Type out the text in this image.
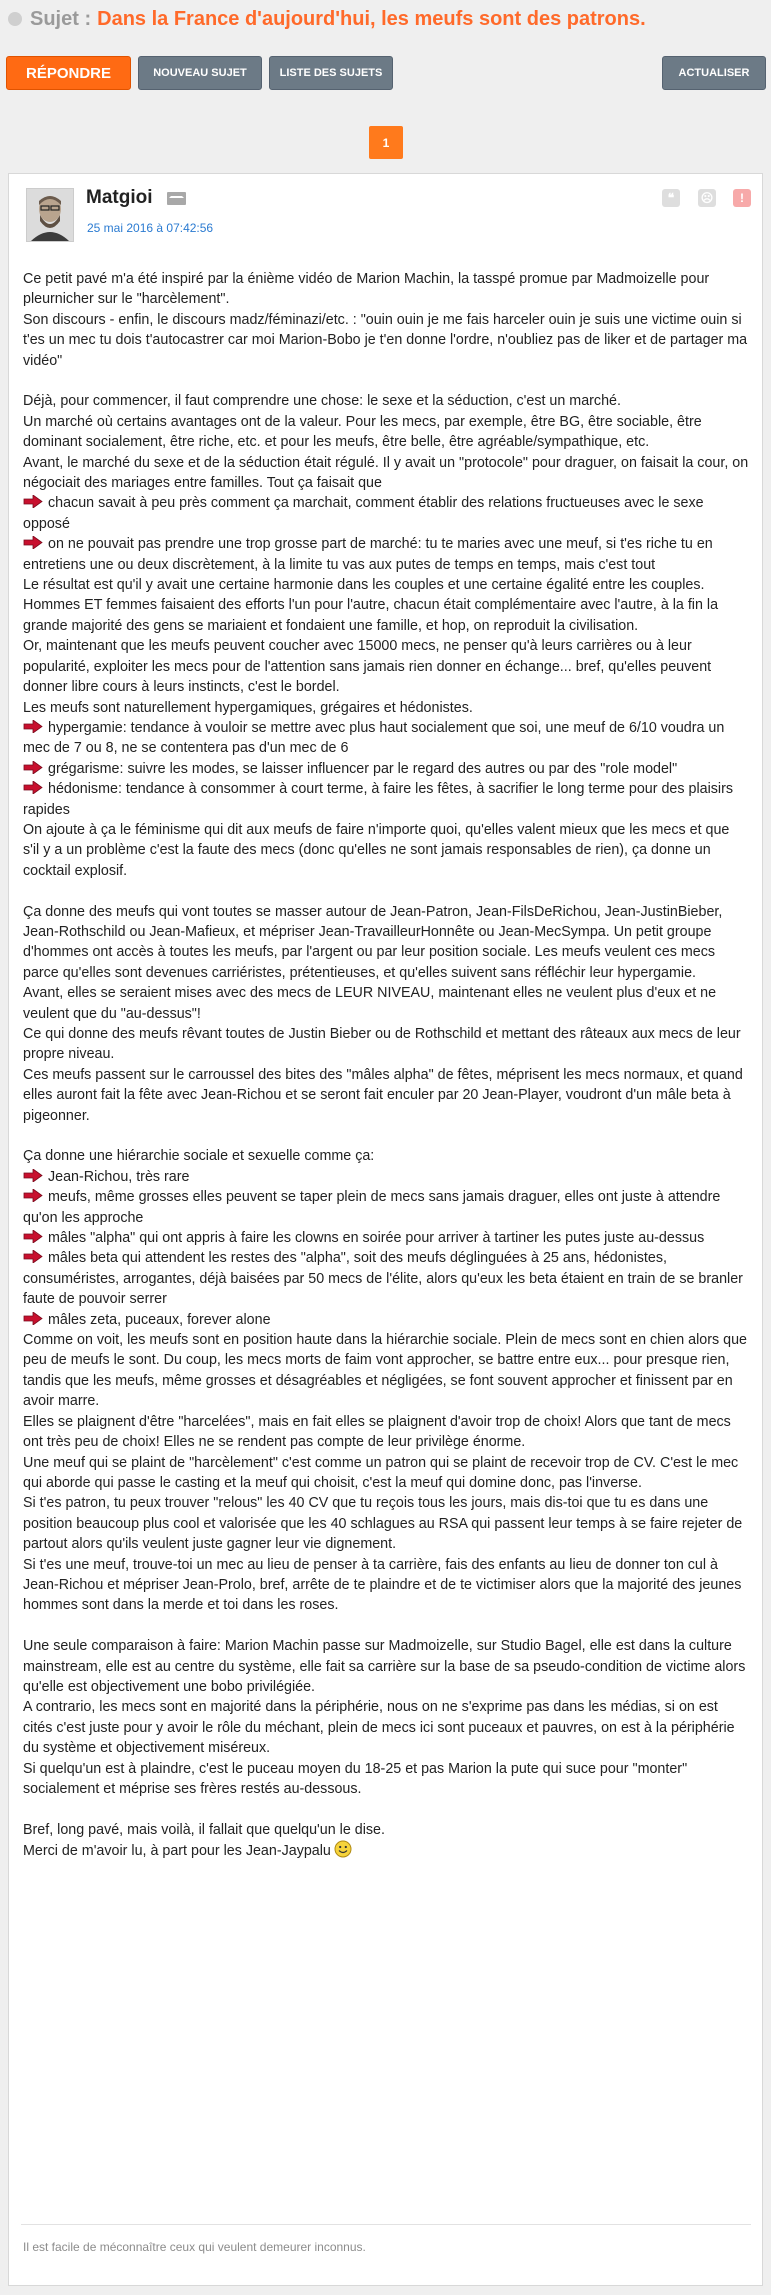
Sujet : Dans la France d'aujourd'hui, les meufs sont des patrons.
RÉPONDRE	NOUVEAU SUJET	LISTE DES SUJETS	ACTUALISER
1
Matgioi
25 mai 2016 à 07:42:56
❝	☹	!

Ce petit pavé m'a été inspiré par la énième vidéo de Marion Machin, la tasspé promue par Madmoizelle pour pleurnicher sur le "harcèlement".

Son discours - enfin, le discours madz/féminazi/etc. : "ouin ouin je me fais harceler ouin je suis une victime ouin si t'es un mec tu dois t'autocastrer car moi Marion-Bobo je t'en donne l'ordre, n'oubliez pas de liker et de partager ma vidéo"

Déjà, pour commencer, il faut comprendre une chose: le sexe et la séduction, c'est un marché.

Un marché où certains avantages ont de la valeur. Pour les mecs, par exemple, être BG, être sociable, être dominant socialement, être riche, etc. et pour les meufs, être belle, être agréable/sympathique, etc.

Avant, le marché du sexe et de la séduction était régulé. Il y avait un "protocole" pour draguer, on faisait la cour, on négociait des mariages entre familles. Tout ça faisait que

chacun savait à peu près comment ça marchait, comment établir des relations fructueuses avec le sexe opposé

on ne pouvait pas prendre une trop grosse part de marché: tu te maries avec une meuf, si t'es riche tu en entretiens une ou deux discrètement, à la limite tu vas aux putes de temps en temps, mais c'est tout

Le résultat est qu'il y avait une certaine harmonie dans les couples et une certaine égalité entre les couples. Hommes ET femmes faisaient des efforts l'un pour l'autre, chacun était complémentaire avec l'autre, à la fin la grande majorité des gens se mariaient et fondaient une famille, et hop, on reproduit la civilisation.

Or, maintenant que les meufs peuvent coucher avec 15000 mecs, ne penser qu'à leurs carrières ou à leur popularité, exploiter les mecs pour de l'attention sans jamais rien donner en échange... bref, qu'elles peuvent donner libre cours à leurs instincts, c'est le bordel.

Les meufs sont naturellement hypergamiques, grégaires et hédonistes.

hypergamie: tendance à vouloir se mettre avec plus haut socialement que soi, une meuf de 6/10 voudra un mec de 7 ou 8, ne se contentera pas d'un mec de 6

grégarisme: suivre les modes, se laisser influencer par le regard des autres ou par des "role model"

hédonisme: tendance à consommer à court terme, à faire les fêtes, à sacrifier le long terme pour des plaisirs rapides

On ajoute à ça le féminisme qui dit aux meufs de faire n'importe quoi, qu'elles valent mieux que les mecs et que s'il y a un problème c'est la faute des mecs (donc qu'elles ne sont jamais responsables de rien), ça donne un cocktail explosif.

Ça donne des meufs qui vont toutes se masser autour de Jean-Patron, Jean-FilsDeRichou, Jean-JustinBieber, Jean-Rothschild ou Jean-Mafieux, et mépriser Jean-TravailleurHonnête ou Jean-MecSympa. Un petit groupe d'hommes ont accès à toutes les meufs, par l'argent ou par leur position sociale. Les meufs veulent ces mecs parce qu'elles sont devenues carriéristes, prétentieuses, et qu'elles suivent sans réfléchir leur hypergamie.

Avant, elles se seraient mises avec des mecs de LEUR NIVEAU, maintenant elles ne veulent plus d'eux et ne veulent que du "au-dessus"!

Ce qui donne des meufs rêvant toutes de Justin Bieber ou de Rothschild et mettant des râteaux aux mecs de leur propre niveau.

Ces meufs passent sur le carroussel des bites des "mâles alpha" de fêtes, méprisent les mecs normaux, et quand elles auront fait la fête avec Jean-Richou et se seront fait enculer par 20 Jean-Player, voudront d'un mâle beta à pigeonner.

Ça donne une hiérarchie sociale et sexuelle comme ça:

Jean-Richou, très rare

meufs, même grosses elles peuvent se taper plein de mecs sans jamais draguer, elles ont juste à attendre qu'on les approche

mâles "alpha" qui ont appris à faire les clowns en soirée pour arriver à tartiner les putes juste au-dessus

mâles beta qui attendent les restes des "alpha", soit des meufs déglinguées à 25 ans, hédonistes, consuméristes, arrogantes, déjà baisées par 50 mecs de l'élite, alors qu'eux les beta étaient en train de se branler faute de pouvoir serrer

mâles zeta, puceaux, forever alone

Comme on voit, les meufs sont en position haute dans la hiérarchie sociale. Plein de mecs sont en chien alors que peu de meufs le sont. Du coup, les mecs morts de faim vont approcher, se battre entre eux... pour presque rien, tandis que les meufs, même grosses et désagréables et négligées, se font souvent approcher et finissent par en avoir marre.

Elles se plaignent d'être "harcelées", mais en fait elles se plaignent d'avoir trop de choix! Alors que tant de mecs ont très peu de choix! Elles ne se rendent pas compte de leur privilège énorme.

Une meuf qui se plaint de "harcèlement" c'est comme un patron qui se plaint de recevoir trop de CV. C'est le mec qui aborde qui passe le casting et la meuf qui choisit, c'est la meuf qui domine donc, pas l'inverse.

Si t'es patron, tu peux trouver "relous" les 40 CV que tu reçois tous les jours, mais dis-toi que tu es dans une position beaucoup plus cool et valorisée que les 40 schlagues au RSA qui passent leur temps à se faire rejeter de partout alors qu'ils veulent juste gagner leur vie dignement.

Si t'es une meuf, trouve-toi un mec au lieu de penser à ta carrière, fais des enfants au lieu de donner ton cul à Jean-Richou et mépriser Jean-Prolo, bref, arrête de te plaindre et de te victimiser alors que la majorité des jeunes hommes sont dans la merde et toi dans les roses.

Une seule comparaison à faire: Marion Machin passe sur Madmoizelle, sur Studio Bagel, elle est dans la culture mainstream, elle est au centre du système, elle fait sa carrière sur la base de sa pseudo-condition de victime alors qu'elle est objectivement une bobo privilégiée.

A contrario, les mecs sont en majorité dans la périphérie, nous on ne s'exprime pas dans les médias, si on est cités c'est juste pour y avoir le rôle du méchant, plein de mecs ici sont puceaux et pauvres, on est à la périphérie du système et objectivement miséreux.

Si quelqu'un est à plaindre, c'est le puceau moyen du 18-25 et pas Marion la pute qui suce pour "monter" socialement et méprise ses frères restés au-dessous.

Bref, long pavé, mais voilà, il fallait que quelqu'un le dise.

Merci de m'avoir lu, à part pour les Jean-Jaypalu

Il est facile de méconnaître ceux qui veulent demeurer inconnus.
